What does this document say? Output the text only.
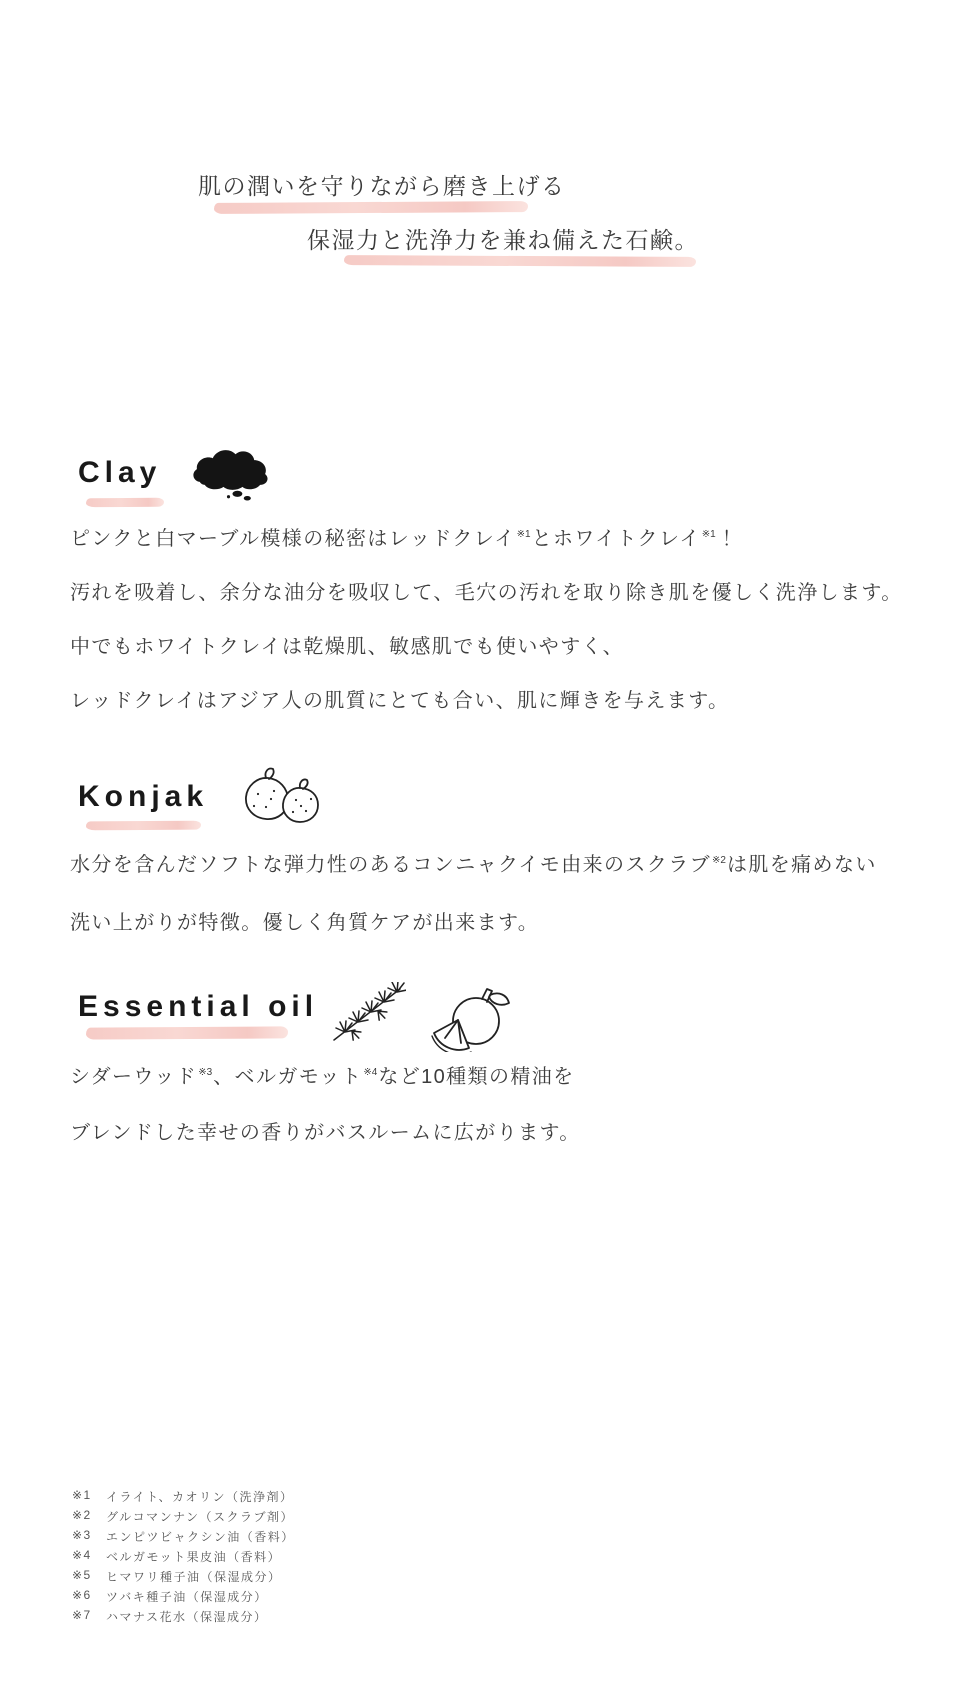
肌の潤いを守りながら磨き上げる
保湿力と洗浄力を兼ね備えた石鹸。
Clay
ピンクと白マーブル模様の秘密はレッドクレイ$^{※1}$とホワイトクレイ$^{※1}$！
汚れを吸着し、余分な油分を吸収して、毛穴の汚れを取り除き肌を優しく洗浄します。
中でもホワイトクレイは乾燥肌、敏感肌でも使いやすく、
レッドクレイはアジア人の肌質にとても合い、肌に輝きを与えます。
Konjak
水分を含んだソフトな弾力性のあるコンニャクイモ由来のスクラブ$^{※2}$は肌を痛めない
洗い上がりが特徴。優しく角質ケアが出来ます。
Essential oil
シダーウッド$^{※3}$、ベルガモット$^{※4}$など10種類の精油を
ブレンドした幸せの香りがバスルームに広がります。
※1	イライト、カオリン（洗浄剤）
※2	グルコマンナン（スクラブ剤）
※3	エンピツビャクシン油（香料）
※4	ベルガモット果皮油（香料）
※5	ヒマワリ種子油（保湿成分）
※6	ツバキ種子油（保湿成分）
※7	ハマナス花水（保湿成分）
